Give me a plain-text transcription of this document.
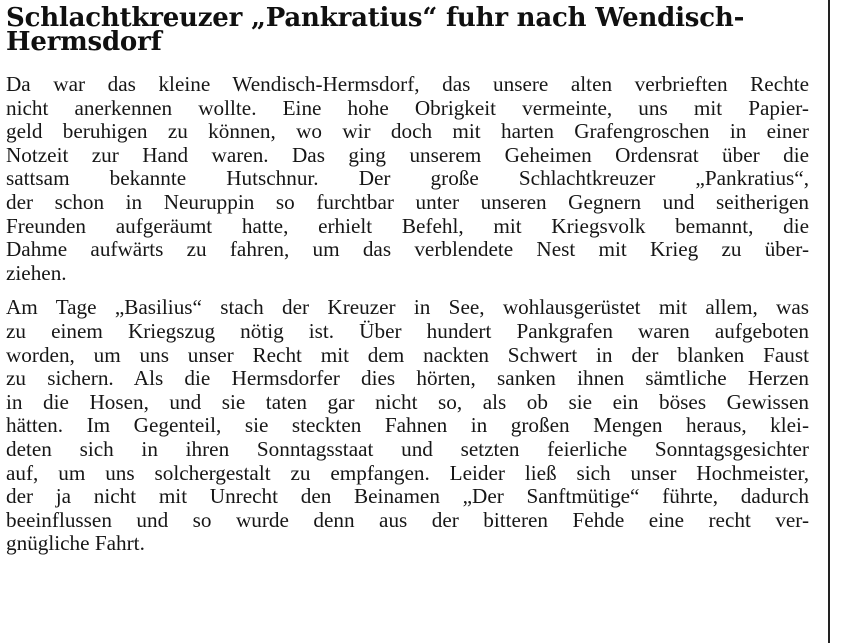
Schlachtkreuzer „Pankratius“ fuhr nach Wendisch-
Hermsdorf
Da war das kleine Wendisch-Hermsdorf, das unsere alten verbrieften Rechte
nicht anerkennen wollte. Eine hohe Obrigkeit vermeinte, uns mit Papier-
geld beruhigen zu können, wo wir doch mit harten Grafengroschen in einer
Notzeit zur Hand waren. Das ging unserem Geheimen Ordensrat über die
sattsam bekannte Hutschnur. Der große Schlachtkreuzer „Pankratius“,
der schon in Neuruppin so furchtbar unter unseren Gegnern und seitherigen
Freunden aufgeräumt hatte, erhielt Befehl, mit Kriegsvolk bemannt, die
Dahme aufwärts zu fahren, um das verblendete Nest mit Krieg zu über-
ziehen.
Am Tage „Basilius“ stach der Kreuzer in See, wohlausgerüstet mit allem, was
zu einem Kriegszug nötig ist. Über hundert Pankgrafen waren aufgeboten
worden, um uns unser Recht mit dem nackten Schwert in der blanken Faust
zu sichern. Als die Hermsdorfer dies hörten, sanken ihnen sämtliche Herzen
in die Hosen, und sie taten gar nicht so, als ob sie ein böses Gewissen
hätten. Im Gegenteil, sie steckten Fahnen in großen Mengen heraus, klei-
deten sich in ihren Sonntagsstaat und setzten feierliche Sonntagsgesichter
auf, um uns solchergestalt zu empfangen. Leider ließ sich unser Hochmeister,
der ja nicht mit Unrecht den Beinamen „Der Sanftmütige“ führte, dadurch
beeinflussen und so wurde denn aus der bitteren Fehde eine recht ver-
gnügliche Fahrt.
